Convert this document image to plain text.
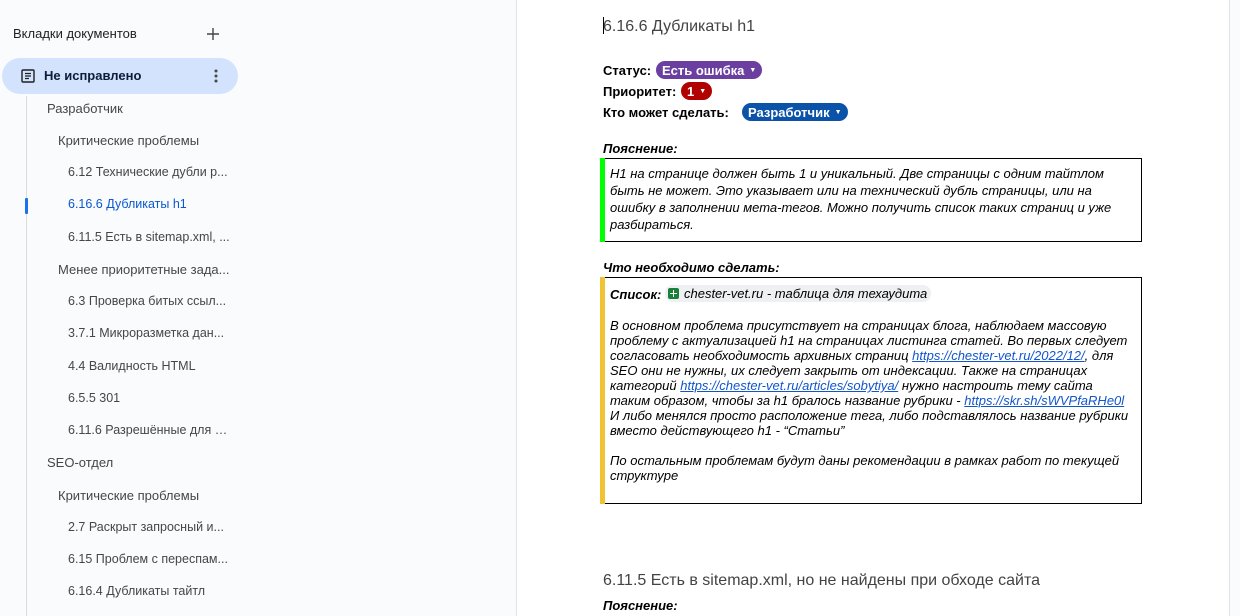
Вкладки документов
Не исправлено
Разработчик
Критические проблемы
6.12 Технические дубли р...
6.16.6 Дубликаты h1
6.11.5 Есть в sitemap.xml, ...
Менее приоритетные зада...
6.3 Проверка битых ссыл...
3.7.1 Микроразметка дан...
4.4 Валидность HTML
6.5.5 301
6.11.6 Разрешённые для и...
SEO-отдел
Критические проблемы
2.7 Раскрыт запросный и...
6.15 Проблем с переспам...
6.16.4 Дубликаты тайтл
6.16.6 Дубликаты h1
Статус: Есть ошибка ▼
Приоритет: 1 ▼
Кто может сделать: Разработчик ▼
Пояснение:
H1 на странице должен быть 1 и уникальный. Две страницы с одним тайтлом быть не может. Это указывает или на технический дубль страницы, или на ошибку в заполнении мета-тегов. Можно получить список таких страниц и уже разбираться.
Что необходимо сделать:

Список: chester-vet.ru - таблица для техаудита

В основном проблема присутствует на страницах блога, наблюдаем массовую проблему с актуализацией h1 на страницах листинга статей. Во первых следует согласовать необходимость архивных страниц https://chester-vet.ru/2022/12/, для SEO они не нужны, их следует закрыть от индексации. Также на страницах категорий https://chester-vet.ru/articles/sobytiya/ нужно настроить тему сайта таким образом, чтобы за h1 бралось название рубрики - https://skr.sh/sWVPfaRHe0l

И либо менялся просто расположение тега, либо подставлялось название рубрики вместо действующего h1 - “Статьи”

По остальным проблемам будут даны рекомендации в рамках работ по текущей структуре

6.11.5 Есть в sitemap.xml, но не найдены при обходе сайта
Пояснение:
